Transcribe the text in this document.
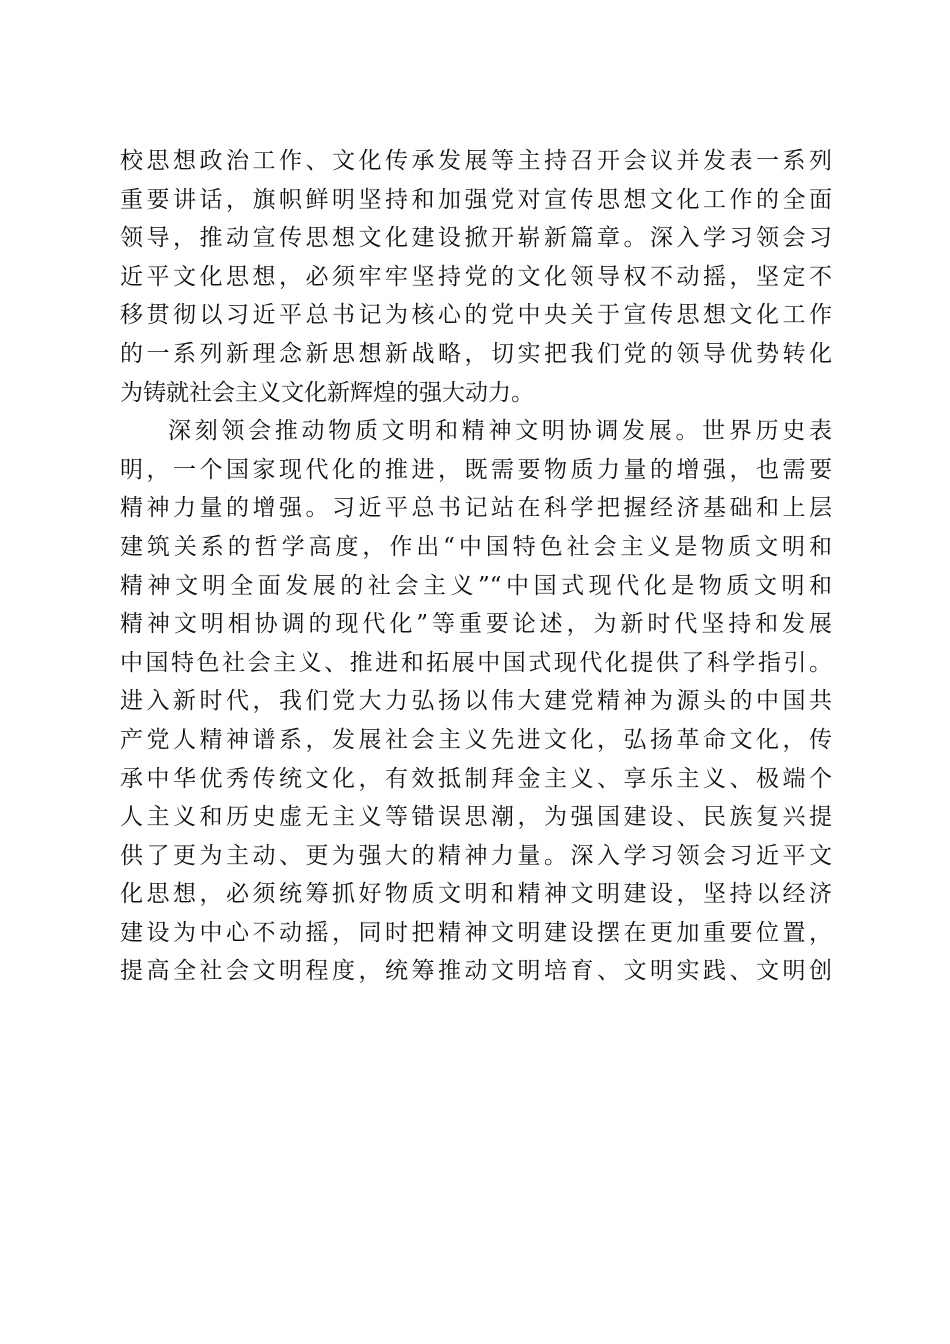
校思想政治工作、文化传承发展等主持召开会议并发表一系列
重要讲话，旗帜鲜明坚持和加强党对宣传思想文化工作的全面
领导，推动宣传思想文化建设掀开崭新篇章。深入学习领会习
近平文化思想，必须牢牢坚持党的文化领导权不动摇，坚定不
移贯彻以习近平总书记为核心的党中央关于宣传思想文化工作
的一系列新理念新思想新战略，切实把我们党的领导优势转化
为铸就社会主义文化新辉煌的强大动力。
深刻领会推动物质文明和精神文明协调发展。世界历史表
明，一个国家现代化的推进，既需要物质力量的增强，也需要
精神力量的增强。习近平总书记站在科学把握经济基础和上层
建筑关系的哲学高度，作出“中国特色社会主义是物质文明和
精神文明全面发展的社会主义”“中国式现代化是物质文明和
精神文明相协调的现代化”等重要论述，为新时代坚持和发展
中国特色社会主义、推进和拓展中国式现代化提供了科学指引。
进入新时代，我们党大力弘扬以伟大建党精神为源头的中国共
产党人精神谱系，发展社会主义先进文化，弘扬革命文化，传
承中华优秀传统文化，有效抵制拜金主义、享乐主义、极端个
人主义和历史虚无主义等错误思潮，为强国建设、民族复兴提
供了更为主动、更为强大的精神力量。深入学习领会习近平文
化思想，必须统筹抓好物质文明和精神文明建设，坚持以经济
建设为中心不动摇，同时把精神文明建设摆在更加重要位置，
提高全社会文明程度，统筹推动文明培育、文明实践、文明创
